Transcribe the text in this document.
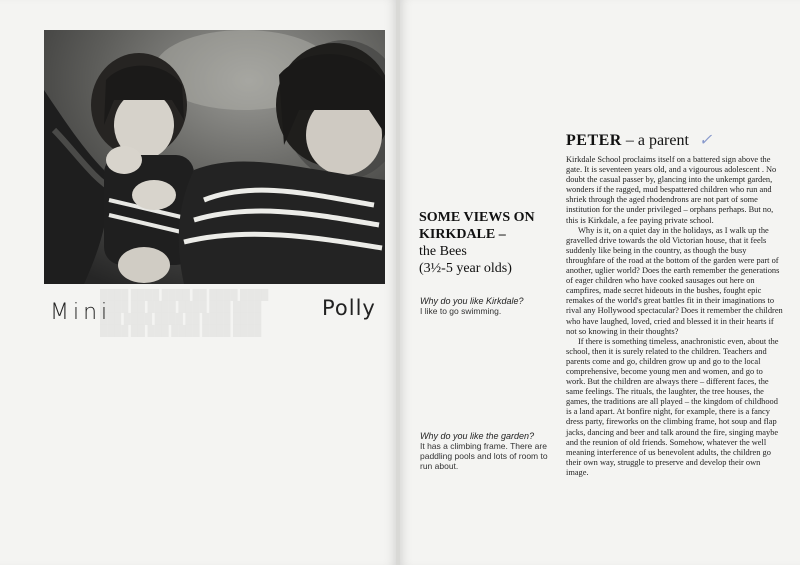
████ ████ ████ ██ ████ ████
████ ██ ████ ████ ███ ████
███ ████ ████ ██ ████ ████
████ ██ ███ ████ ████ ████
Mini	Polly
SOME VIEWS ON KIRKDALE –
the Bees
(3½-5 year olds)
Why do you like Kirkdale?
I like to go swimming.
Why do you like the garden?
It has a climbing frame. There are paddling pools and lots of room to run about.
PETER – a parent ✓

Kirkdale School proclaims itself on a battered sign above the gate. It is seventeen years old, and a vigourous adolescent . No doubt the casual passer by, glancing into the unkempt garden, wonders if the ragged, mud bespattered children who run and shriek through the aged rhodendrons are not part of some institution for the under privileged – orphans perhaps. But no, this is Kirkdale, a fee paying private school.

Why is it, on a quiet day in the holidays, as I walk up the gravelled drive towards the old Victorian house, that it feels suddenly like being in the country, as though the busy throughfare of the road at the bottom of the garden were part of another, uglier world? Does the earth remember the generations of eager children who have cooked sausages out here on campfires, made secret hideouts in the bushes, fought epic remakes of the world's great battles fit in their imaginations to rival any Hollywood spectacular? Does it remember the children who have laughed, loved, cried and blessed it in their hearts if not so knowing in their thoughts?

If there is something timeless, anachronistic even, about the school, then it is surely related to the children. Teachers and parents come and go, children grow up and go to the local comprehensive, become young men and women, and go to work. But the children are always there – different faces, the same feelings. The rituals, the laughter, the tree houses, the games, the traditions are all played – the kingdom of childhood is a land apart. At bonfire night, for example, there is a fancy dress party, fireworks on the climbing frame, hot soup and flap jacks, dancing and beer and talk around the fire, singing maybe and the reunion of old friends. Somehow, whatever the well meaning interference of us benevolent adults, the children go their own way, struggle to preserve and develop their own image.
